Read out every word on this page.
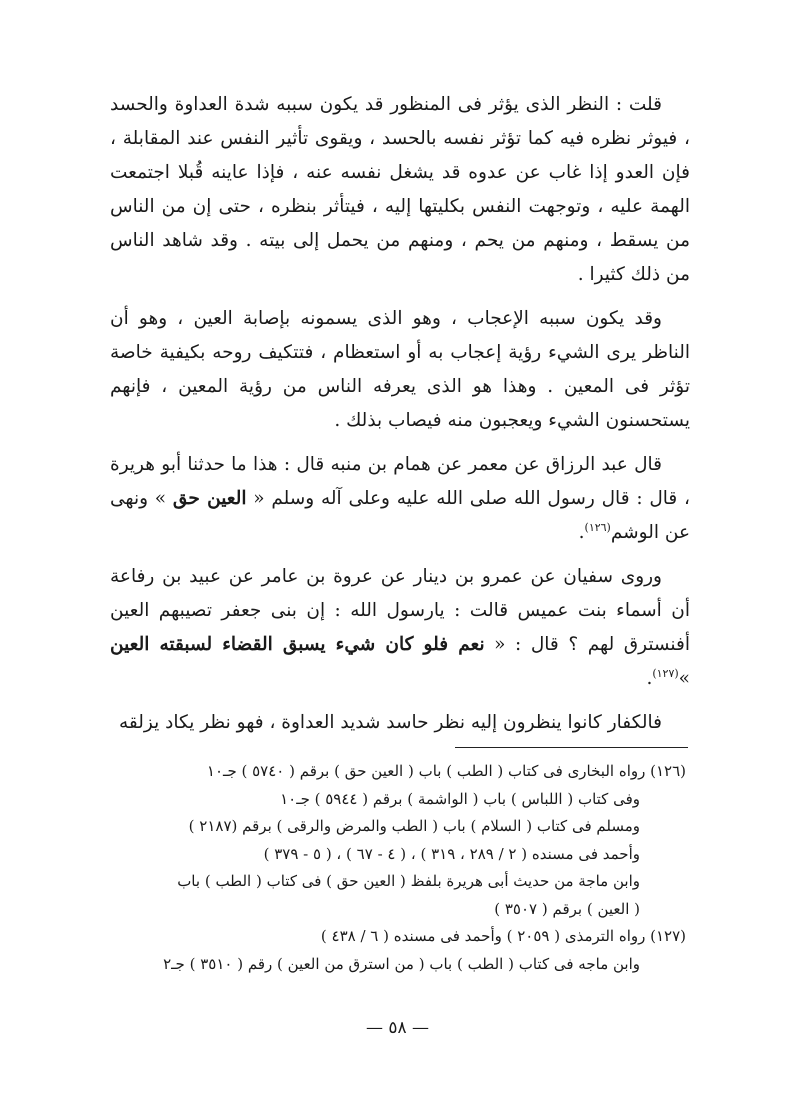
قلت : النظر الذى يؤثر فى المنظور قد يكون سببه شدة العداوة والحسد ، فيوثر نظره فيه كما تؤثر نفسه بالحسد ، ويقوى تأثير النفس عند المقابلة ، فإن العدو إذا غاب عن عدوه قد يشغل نفسه عنه ، فإذا عاينه قُبلا اجتمعت الهمة عليه ، وتوجهت النفس بكليتها إليه ، فيتأثر بنظره ، حتى إن من الناس من يسقط ، ومنهم من يحم ، ومنهم من يحمل إلى بيته . وقد شاهد الناس من ذلك كثيرا .

وقد يكون سببه الإعجاب ، وهو الذى يسمونه بإصابة العين ، وهو أن الناظر يرى الشيء رؤية إعجاب به أو استعظام ، فتتكيف روحه بكيفية خاصة تؤثر فى المعين . وهذا هو الذى يعرفه الناس من رؤية المعين ، فإنهم يستحسنون الشيء ويعجبون منه فيصاب بذلك .

قال عبد الرزاق عن معمر عن همام بن منبه قال : هذا ما حدثنا أبو هريرة ، قال : قال رسول الله صلى الله عليه وعلى آله وسلم « العين حق » ونهى عن الوشم$^{(١٢٦)}$.

وروى سفيان عن عمرو بن دينار عن عروة بن عامر عن عبيد بن رفاعة أن أسماء بنت عميس قالت : يارسول الله : إن بنى جعفر تصيبهم العين أفنسترق لهم ؟ قال : « نعم فلو كان شيء يسبق القضاء لسبقته العين »$^{(١٢٧)}$.

فالكفار كانوا ينظرون إليه نظر حاسد شديد العداوة ، فهو نظر يكاد يزلقه

(١٢٦) رواه البخارى فى كتاب ( الطب ) باب ( العين حق ) برقم ( ٥٧٤٠ ) جـ١٠
وفى كتاب ( اللباس ) باب ( الواشمة ) برقم ( ٥٩٤٤ ) جـ١٠
ومسلم فى كتاب ( السلام ) باب ( الطب والمرض والرقى ) برقم (٢١٨٧ )
وأحمد فى مسنده ( ٢ / ٢٨٩ ، ٣١٩ ) ، ( ٤ - ٦٧ ) ، ( ٥ - ٣٧٩ )
وابن ماجة من حديث أبى هريرة بلفظ ( العين حق ) فى كتاب ( الطب ) باب
( العين ) برقم ( ٣٥٠٧ )
(١٢٧) رواه الترمذى ( ٢٠٥٩ ) وأحمد فى مسنده ( ٦ / ٤٣٨ )
وابن ماجه فى كتاب ( الطب ) باب ( من استرق من العين ) رقم ( ٣٥١٠ ) جـ٢
— ٥٨ —
